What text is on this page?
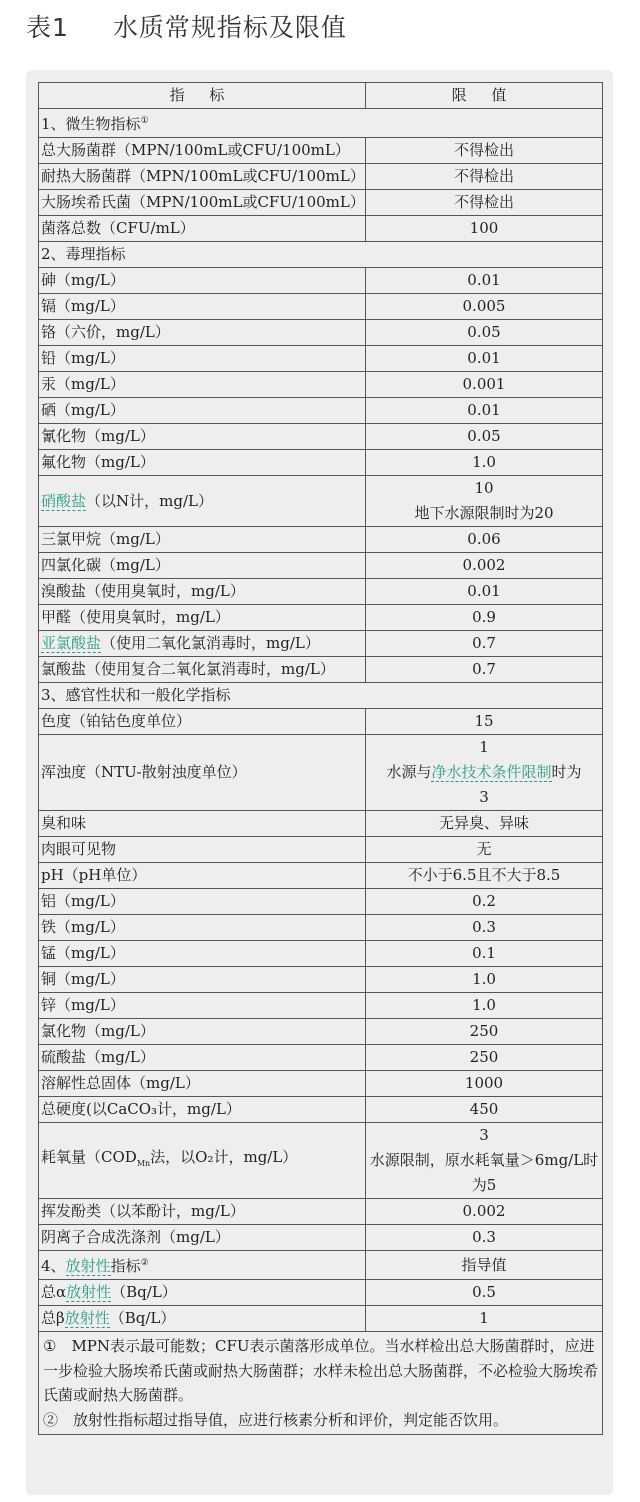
表1 水质常规指标及限值
指 标	限 值
1、微生物指标①
总大肠菌群（MPN/100mL或CFU/100mL）	不得检出

耐热大肠菌群（MPN/100mL或CFU/100mL）	不得检出

大肠埃希氏菌（MPN/100mL或CFU/100mL）	不得检出

菌落总数（CFU/mL）	100

2、毒理指标	
砷（mg/L）	0.01

镉（mg/L）	0.005

铬（六价，mg/L）	0.05

铅（mg/L）	0.01

汞（mg/L）	0.001

硒（mg/L）	0.01

氰化物（mg/L）	0.05

氟化物（mg/L）	1.0

硝酸盐（以N计，mg/L）	10
地下水源限制时为20

三氯甲烷（mg/L）	0.06

四氯化碳（mg/L）	0.002

溴酸盐（使用臭氧时，mg/L）	0.01

甲醛（使用臭氧时，mg/L）	0.9

亚氯酸盐（使用二氧化氯消毒时，mg/L）	0.7

氯酸盐（使用复合二氧化氯消毒时，mg/L）	0.7

3、感官性状和一般化学指标	
色度（铂钴色度单位）	15

浑浊度（NTU-散射浊度单位）	1
水源与净水技术条件限制时为
3

臭和味	无异臭、异味

肉眼可见物	无

pH（pH单位）	不小于6.5且不大于8.5

铝（mg/L）	0.2

铁（mg/L）	0.3

锰（mg/L）	0.1

铜（mg/L）	1.0

锌（mg/L）	1.0

氯化物（mg/L）	250

硫酸盐（mg/L）	250

溶解性总固体（mg/L）	1000

总硬度(以CaCO₃计，mg/L）	450

耗氧量（$COD_{Mn}$法，以O₂计，mg/L）	3
水源限制，原水耗氧量＞6mg/L时为5

挥发酚类（以苯酚计，mg/L）	0.002

阴离子合成洗涤剂（mg/L）	0.3

4、放射性指标②	指导值
总α放射性（Bq/L）	0.5

总β放射性（Bq/L）	1

①　MPN表示最可能数；CFU表示菌落形成单位。当水样检出总大肠菌群时，应进一步检验大肠埃希氏菌或耐热大肠菌群；水样未检出总大肠菌群，不必检验大肠埃希氏菌或耐热大肠菌群。

②　放射性指标超过指导值，应进行核素分析和评价，判定能否饮用。	
